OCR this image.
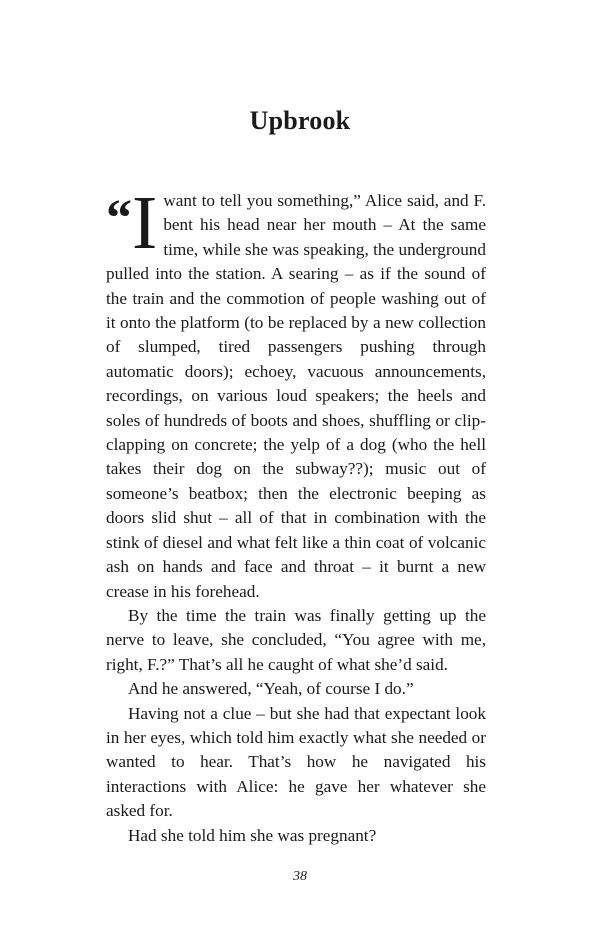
Upbrook

“I want to tell you something,” Alice said, and F. bent his head near her mouth – At the same time, while she was speaking, the underground pulled into the station. A searing – as if the sound of the train and the commotion of people washing out of it onto the platform (to be replaced by a new collection of slumped, tired passengers pushing through automatic doors); echoey, vacuous announcements, recordings, on various loud speakers; the heels and soles of hundreds of boots and shoes, shuffling or clip-clapping on concrete; the yelp of a dog (who the hell takes their dog on the subway??); music out of someone’s beatbox; then the electronic beeping as doors slid shut – all of that in combination with the stink of diesel and what felt like a thin coat of volcanic ash on hands and face and throat – it burnt a new crease in his forehead.

By the time the train was finally getting up the nerve to leave, she concluded, “You agree with me, right, F.?” That’s all he caught of what she’d said.

And he answered, “Yeah, of course I do.”

Having not a clue – but she had that expectant look in her eyes, which told him exactly what she needed or wanted to hear. That’s how he navigated his interactions with Alice: he gave her whatever she asked for.

Had she told him she was pregnant?

38
